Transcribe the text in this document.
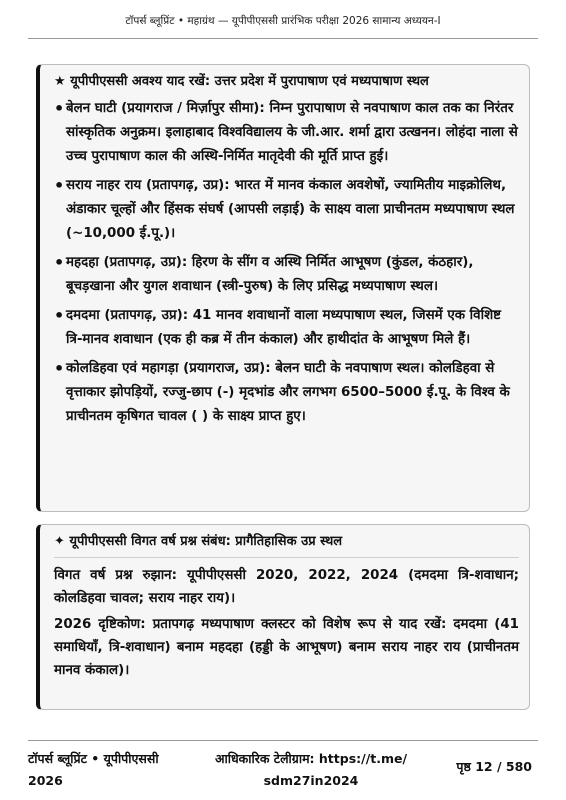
टॉपर्स ब्लूप्रिंट • महाग्रंथ — यूपीपीएससी प्रारंभिक परीक्षा 2026 सामान्य अध्ययन-I
★ यूपीपीएससी अवश्य याद रखें: उत्तर प्रदेश में पुरापाषाण एवं मध्यपाषाण स्थल
• बेलन घाटी (प्रयागराज / मिर्ज़ापुर सीमा): निम्न पुरापाषाण से नवपाषाण काल तक का निरंतर सांस्कृतिक अनुक्रम। इलाहाबाद विश्वविद्यालय के जी.आर. शर्मा द्वारा उत्खनन। लोहंदा नाला से उच्च पुरापाषाण काल की अस्थि-निर्मित मातृदेवी की मूर्ति प्राप्त हुई।
• सराय नाहर राय (प्रतापगढ़, उप्र): भारत में मानव कंकाल अवशेषों, ज्यामितीय माइक्रोलिथ, अंडाकार चूल्हों और हिंसक संघर्ष (आपसी लड़ाई) के साक्ष्य वाला प्राचीनतम मध्यपाषाण स्थल (~10,000 ई.पू.)।
• महदहा (प्रतापगढ़, उप्र): हिरण के सींग व अस्थि निर्मित आभूषण (कुंडल, कंठहार), बूचड़खाना और युगल शवाधान (स्त्री-पुरुष) के लिए प्रसिद्ध मध्यपाषाण स्थल।
• दमदमा (प्रतापगढ़, उप्र): 41 मानव शवाधानों वाला मध्यपाषाण स्थल, जिसमें एक विशिष्ट त्रि-मानव शवाधान (एक ही कब्र में तीन कंकाल) और हाथीदांत के आभूषण मिले हैं।
• कोलडिहवा एवं महागड़ा (प्रयागराज, उप्र): बेलन घाटी के नवपाषाण स्थल। कोलडिहवा से वृत्ताकार झोपड़ियों, रज्जु-छाप (-) मृदभांड और लगभग 6500–5000 ई.पू. के विश्व के प्राचीनतम कृषिगत चावल ( ) के साक्ष्य प्राप्त हुए।
✦ यूपीपीएससी विगत वर्ष प्रश्न संबंध: प्रागैतिहासिक उप्र स्थल

विगत वर्ष प्रश्न रुझान: यूपीपीएससी 2020, 2022, 2024 (दमदमा त्रि-शवाधान; कोलडिहवा चावल; सराय नाहर राय)।

2026 दृष्टिकोण: प्रतापगढ़ मध्यपाषाण क्लस्टर को विशेष रूप से याद रखें: दमदमा (41 समाधियाँ, त्रि-शवाधान) बनाम महदहा (हड्डी के आभूषण) बनाम सराय नाहर राय (प्राचीनतम मानव कंकाल)।

टॉपर्स ब्लूप्रिंट • यूपीपीएससी 2026
आधिकारिक टेलीग्राम: https://t.me/ sdm27in2024
पृष्ठ 12 / 580
